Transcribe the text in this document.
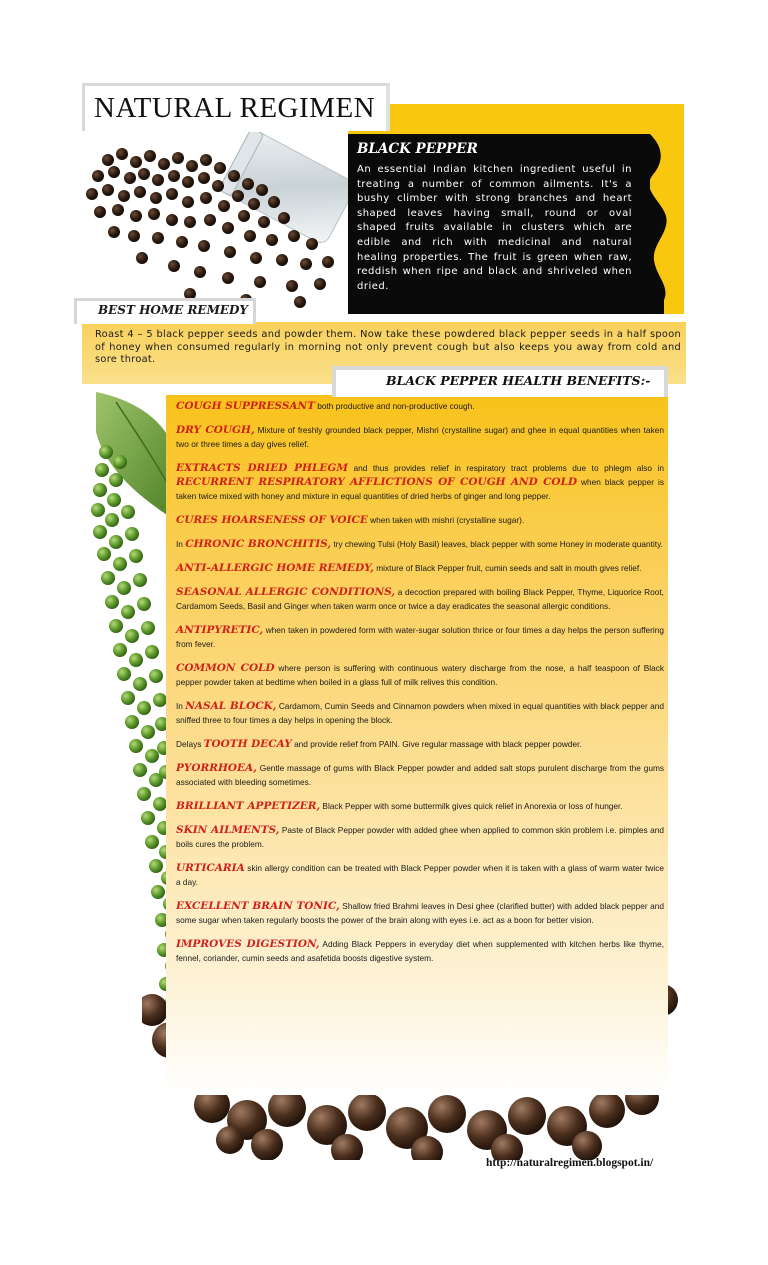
NATURAL REGIMEN
BLACK PEPPER
An essential Indian kitchen ingredient useful in treating a number of common ailments. It's a bushy climber with strong branches and heart shaped leaves having small, round or oval shaped fruits available in clusters which are edible and rich with medicinal and natural healing properties. The fruit is green when raw, reddish when ripe and black and shriveled when dried.
BEST HOME REMEDY
Roast 4 – 5 black pepper seeds and powder them. Now take these powdered black pepper seeds in a half spoon of honey when consumed regularly in morning not only prevent cough but also keeps you away from cold and sore throat.
BLACK PEPPER HEALTH BENEFITS:-
COUGH SUPPRESSANT both productive and non-productive cough.
DRY COUGH, Mixture of freshly grounded black pepper, Mishri (crystalline sugar) and ghee in equal quantities when taken two or three times a day gives relief.
EXTRACTS DRIED PHLEGM and thus provides relief in respiratory tract problems due to phlegm also in RECURRENT RESPIRATORY AFFLICTIONS OF COUGH AND COLD when black pepper is taken twice mixed with honey and mixture in equal quantities of dried herbs of ginger and long pepper.
CURES HOARSENESS OF VOICE when taken with mishri (crystalline sugar).
In CHRONIC BRONCHITIS, try chewing Tulsi (Holy Basil) leaves, black pepper with some Honey in moderate quantity.
ANTI-ALLERGIC HOME REMEDY, mixture of Black Pepper fruit, cumin seeds and salt in mouth gives relief.
SEASONAL ALLERGIC CONDITIONS, a decoction prepared with boiling Black Pepper, Thyme, Liquorice Root, Cardamom Seeds, Basil and Ginger when taken warm once or twice a day eradicates the seasonal allergic conditions.
ANTIPYRETIC, when taken in powdered form with water-sugar solution thrice or four times a day helps the person suffering from fever.
COMMON COLD where person is suffering with continuous watery discharge from the nose, a half teaspoon of Black pepper powder taken at bedtime when boiled in a glass full of milk relives this condition.
In NASAL BLOCK, Cardamom, Cumin Seeds and Cinnamon powders when mixed in equal quantities with black pepper and sniffed three to four times a day helps in opening the block.
Delays TOOTH DECAY and provide relief from PAIN. Give regular massage with black pepper powder.
PYORRHOEA, Gentle massage of gums with Black Pepper powder and added salt stops purulent discharge from the gums associated with bleeding sometimes.
BRILLIANT APPETIZER, Black Pepper with some buttermilk gives quick relief in Anorexia or loss of hunger.
SKIN AILMENTS, Paste of Black Pepper powder with added ghee when applied to common skin problem i.e. pimples and boils cures the problem.
URTICARIA skin allergy condition can be treated with Black Pepper powder when it is taken with a glass of warm water twice a day.
EXCELLENT BRAIN TONIC, Shallow fried Brahmi leaves in Desi ghee (clarified butter) with added black pepper and some sugar when taken regularly boosts the power of the brain along with eyes i.e. act as a boon for better vision.
IMPROVES DIGESTION, Adding Black Peppers in everyday diet when supplemented with kitchen herbs like thyme, fennel, coriander, cumin seeds and asafetida boosts digestive system.
http://naturalregimen.blogspot.in/
